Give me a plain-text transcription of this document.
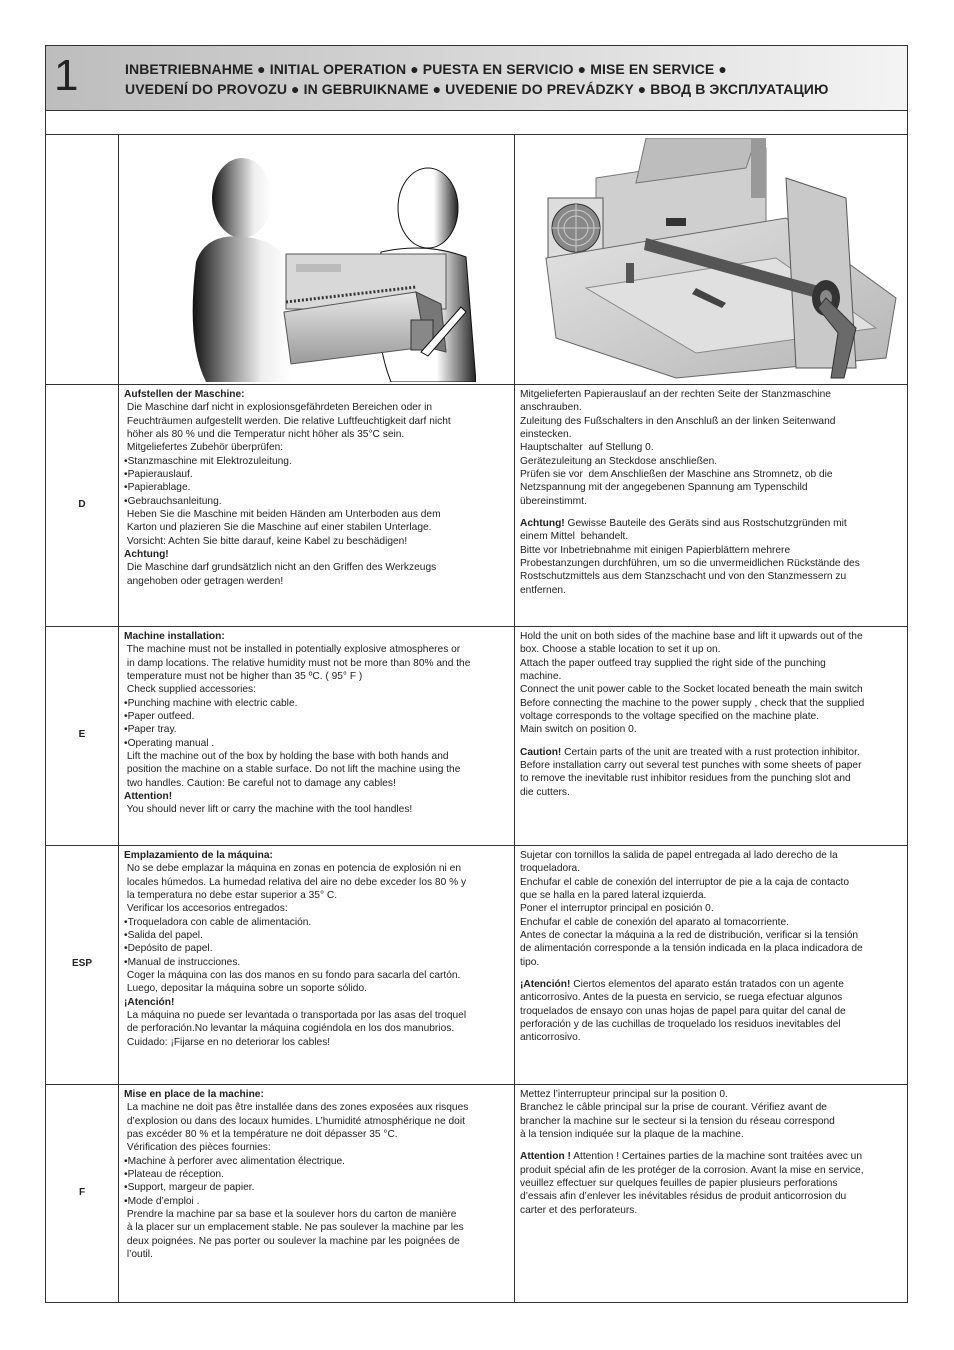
1	INBETRIEBNAHME ● INITIAL OPERATION ● PUESTA EN SERVICIO ● MISE EN SERVICE ●
UVEDENÍ DO PROVOZU ● IN GEBRUIKNAME ● UVEDENIE DO PREVÁDZKY ● ВВОД В ЭКСПЛУАТАЦИЮ
D
E
ESP
F

Aufstellen der Maschine:

Die Maschine darf nicht in explosionsgefährdeten Bereichen oder in

Feuchträumen aufgestellt werden. Die relative Luftfeuchtigkeit darf nicht

höher als 80 % und die Temperatur nicht höher als 35°C sein.

Mitgeliefertes Zubehör überprüfen:

•Stanzmaschine mit Elektrozuleitung.

•Papierauslauf.

•Papierablage.

•Gebrauchsanleitung.

Heben Sie die Maschine mit beiden Händen am Unterboden aus dem

Karton und plazieren Sie die Maschine auf einer stabilen Unterlage.

Vorsicht: Achten Sie bitte darauf, keine Kabel zu beschädigen!

Achtung!

Die Maschine darf grundsätzlich nicht an den Griffen des Werkzeugs

angehoben oder getragen werden!

Mitgelieferten Papierauslauf an der rechten Seite der Stanzmaschine

anschrauben.

Zuleitung des Fußschalters in den Anschluß an der linken Seitenwand

einstecken.

Hauptschalter  auf Stellung 0.

Gerätezuleitung an Steckdose anschließen.

Prüfen sie vor  dem Anschließen der Maschine ans Stromnetz, ob die

Netzspannung mit der angegebenen Spannung am Typenschild

übereinstimmt.

Achtung! Gewisse Bauteile des Geräts sind aus Rostschutzgründen mit

einem Mittel  behandelt.

Bitte vor Inbetriebnahme mit einigen Papierblättern mehrere

Probestanzungen durchführen, um so die unvermeidlichen Rückstände des

Rostschutzmittels aus dem Stanzschacht und von den Stanzmessern zu

entfernen.

Machine installation:

The machine must not be installed in potentially explosive atmospheres or

in damp locations. The relative humidity must not be more than 80% and the

temperature must not be higher than 35 ºC. ( 95° F )

Check supplied accessories:

•Punching machine with electric cable.

•Paper outfeed.

•Paper tray.

•Operating manual .

Lift the machine out of the box by holding the base with both hands and

position the machine on a stable surface. Do not lift the machine using the

two handles. Caution: Be careful not to damage any cables!

Attention!

You should never lift or carry the machine with the tool handles!

Hold the unit on both sides of the machine base and lift it upwards out of the

box. Choose a stable location to set it up on.

Attach the paper outfeed tray supplied the right side of the punching

machine.

Connect the unit power cable to the Socket located beneath the main switch

Before connecting the machine to the power supply , check that the supplied

voltage corresponds to the voltage specified on the machine plate.

Main switch on position 0.

Caution! Certain parts of the unit are treated with a rust protection inhibitor.

Before installation carry out several test punches with some sheets of paper

to remove the inevitable rust inhibitor residues from the punching slot and

die cutters.

Emplazamiento de la máquina:

No se debe emplazar la máquina en zonas en potencia de explosión ni en

locales húmedos. La humedad relativa del aire no debe exceder los 80 % y

la temperatura no debe estar superior a 35° C.

Verificar los accesorios entregados:

•Troqueladora con cable de alimentación.

•Salida del papel.

•Depósito de papel.

•Manual de instrucciones.

Coger la máquina con las dos manos en su fondo para sacarla del cartón.

Luego, depositar la máquina sobre un soporte sólido.

¡Atención!

La máquina no puede ser levantada o transportada por las asas del troquel

de perforación.No levantar la máquina cogiéndola en los dos manubrios.

Cuidado: ¡Fijarse en no deteriorar los cables!

Sujetar con tornillos la salida de papel entregada al lado derecho de la

troqueladora.

Enchufar el cable de conexión del interruptor de pie a la caja de contacto

que se halla en la pared lateral izquierda.

Poner el interruptor principal en posición 0.

Enchufar el cable de conexión del aparato al tomacorriente.

Antes de conectar la máquina a la red de distribución, verificar si la tensión

de alimentación corresponde a la tensión indicada en la placa indicadora de

tipo.

¡Atención! Ciertos elementos del aparato están tratados con un agente

anticorrosivo. Antes de la puesta en servicio, se ruega efectuar algunos

troquelados de ensayo con unas hojas de papel para quitar del canal de

perforación y de las cuchillas de troquelado los residuos inevitables del

anticorrosivo.

Mise en place de la machine:

La machine ne doit pas être installée dans des zones exposées aux risques

d’explosion ou dans des locaux humides. L’humidité atmosphérique ne doit

pas excéder 80 % et la température ne doit dépasser 35 °C.

Vérification des pièces fournies:

•Machine à perforer avec alimentation électrique.

•Plateau de réception.

•Support, margeur de papier.

•Mode d’emploi .

Prendre la machine par sa base et la soulever hors du carton de manière

à la placer sur un emplacement stable. Ne pas soulever la machine par les

deux poignées. Ne pas porter ou soulever la machine par les poignées de

l’outil.

Mettez l’interrupteur principal sur la position 0.

Branchez le câble principal sur la prise de courant. Vérifiez avant de

brancher la machine sur le secteur si la tension du réseau correspond

à la tension indiquée sur la plaque de la machine.

Attention ! Attention ! Certaines parties de la machine sont traitées avec un

produit spécial afin de les protéger de la corrosion. Avant la mise en service,

veuillez effectuer sur quelques feuilles de papier plusieurs perforations

d’essais afin d’enlever les inévitables résidus de produit anticorrosion du

carter et des perforateurs.
